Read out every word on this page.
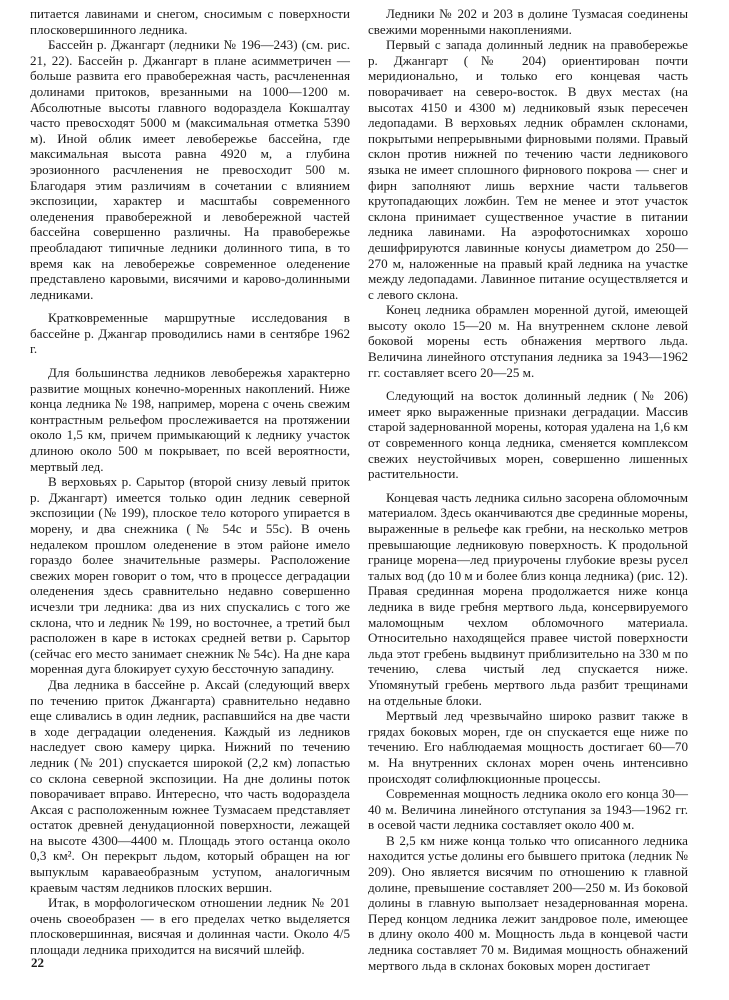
питается лавинами и снегом, сносимым с поверхности плосковершинного ледника.

Бассейн р. Джангарт (ледники № 196—243) (см. рис. 21, 22). Бассейн р. Джангарт в плане асимметричен — больше развита его правобережная часть, расчлененная долинами притоков, врезанными на 1000—1200 м. Абсолютные высоты главного водораздела Кокшалтау часто превосходят 5000 м (максимальная отметка 5390 м). Иной облик имеет левобережье бассейна, где максимальная высота равна 4920 м, а глубина эрозионного расчленения не превосходит 500 м. Благодаря этим различиям в сочетании с влиянием экспозиции, характер и масштабы современного оледенения правобережной и левобережной частей бассейна совершенно различны. На правобережье преобладают типичные ледники долинного типа, в то время как на левобережье современное оледенение представлено каровыми, висячими и карово-долинными ледниками.

Кратковременные маршрутные исследования в бассейне р. Джангар проводились нами в сентябре 1962 г.

Для большинства ледников левобережья характерно развитие мощных конечно-моренных накоплений. Ниже конца ледника № 198, например, морена с очень свежим контрастным рельефом прослеживается на протяжении около 1,5 км, причем примыкающий к леднику участок длиною около 500 м покрывает, по всей вероятности, мертвый лед.

В верховьях р. Сарытор (второй снизу левый приток р. Джангарт) имеется только один ледник северной экспозиции (№ 199), плоское тело которого упирается в морену, и два снежника (№ 54с и 55с). В очень недалеком прошлом оледенение в этом районе имело гораздо более значительные размеры. Расположение свежих морен говорит о том, что в процессе деградации оледенения здесь сравнительно недавно совершенно исчезли три ледника: два из них спускались с того же склона, что и ледник № 199, но восточнее, а третий был расположен в каре в истоках средней ветви р. Сарытор (сейчас его место занимает снежник № 54с). На дне кара моренная дуга блокирует сухую бессточную западину.

Два ледника в бассейне р. Аксай (следующий вверх по течению приток Джангарта) сравнительно недавно еще сливались в один ледник, распавшийся на две части в ходе деградации оледенения. Каждый из ледников наследует свою камеру цирка. Нижний по течению ледник (№ 201) спускается широкой (2,2 км) лопастью со склона северной экспозиции. На дне долины поток поворачивает вправо. Интересно, что часть водораздела Аксая с расположенным южнее Тузмасаем представляет остаток древней денудационной поверхности, лежащей на высоте 4300—4400 м. Площадь этого останца около 0,3 км². Он перекрыт льдом, который обращен на юг выпуклым караваеобразным уступом, аналогичным краевым частям ледников плоских вершин.

Итак, в морфологическом отношении ледник № 201 очень своеобразен — в его пределах четко выделяется плосковершинная, висячая и долинная части. Около 4/5 площади ледника приходится на висячий шлейф.

Ледники № 202 и 203 в долине Тузмасая соединены свежими моренными накоплениями.

Первый с запада долинный ледник на правобережье р. Джангарт (№ 204) ориентирован почти меридионально, и только его концевая часть поворачивает на северо-восток. В двух местах (на высотах 4150 и 4300 м) ледниковый язык пересечен ледопадами. В верховьях ледник обрамлен склонами, покрытыми непрерывными фирновыми полями. Правый склон против нижней по течению части ледникового языка не имеет сплошного фирнового покрова — снег и фирн заполняют лишь верхние части тальвегов крутопадающих ложбин. Тем не менее и этот участок склона принимает существенное участие в питании ледника лавинами. На аэрофотоснимках хорошо дешифрируются лавинные конусы диаметром до 250—270 м, наложенные на правый край ледника на участке между ледопадами. Лавинное питание осуществляется и с левого склона.

Конец ледника обрамлен моренной дугой, имеющей высоту около 15—20 м. На внутреннем склоне левой боковой морены есть обнажения мертвого льда. Величина линейного отступания ледника за 1943—1962 гг. составляет всего 20—25 м.

Следующий на восток долинный ледник (№ 206) имеет ярко выраженные признаки деградации. Массив старой задернованной морены, которая удалена на 1,6 км от современного конца ледника, сменяется комплексом свежих неустойчивых морен, совершенно лишенных растительности.

Концевая часть ледника сильно засорена обломочным материалом. Здесь оканчиваются две срединные морены, выраженные в рельефе как гребни, на несколько метров превышающие ледниковую поверхность. К продольной границе морена—лед приурочены глубокие врезы русел талых вод (до 10 м и более близ конца ледника) (рис. 12). Правая срединная морена продолжается ниже конца ледника в виде гребня мертвого льда, консервируемого маломощным чехлом обломочного материала. Относительно находящейся правее чистой поверхности льда этот гребень выдвинут приблизительно на 330 м по течению, слева чистый лед спускается ниже. Упомянутый гребень мертвого льда разбит трещинами на отдельные блоки.

Мертвый лед чрезвычайно широко развит также в грядах боковых морен, где он спускается еще ниже по течению. Его наблюдаемая мощность достигает 60—70 м. На внутренних склонах морен очень интенсивно происходят солифлюкционные процессы.

Современная мощность ледника около его конца 30—40 м. Величина линейного отступания за 1943—1962 гг. в осевой части ледника составляет около 400 м.

В 2,5 км ниже конца только что описанного ледника находится устье долины его бывшего притока (ледник № 209). Оно является висячим по отношению к главной долине, превышение составляет 200—250 м. Из боковой долины в главную выползает незадернованная морена. Перед концом ледника лежит зандровое поле, имеющее в длину около 400 м. Мощность льда в концевой части ледника составляет 70 м. Видимая мощность обнажений мертвого льда в склонах боковых морен достигает

22
